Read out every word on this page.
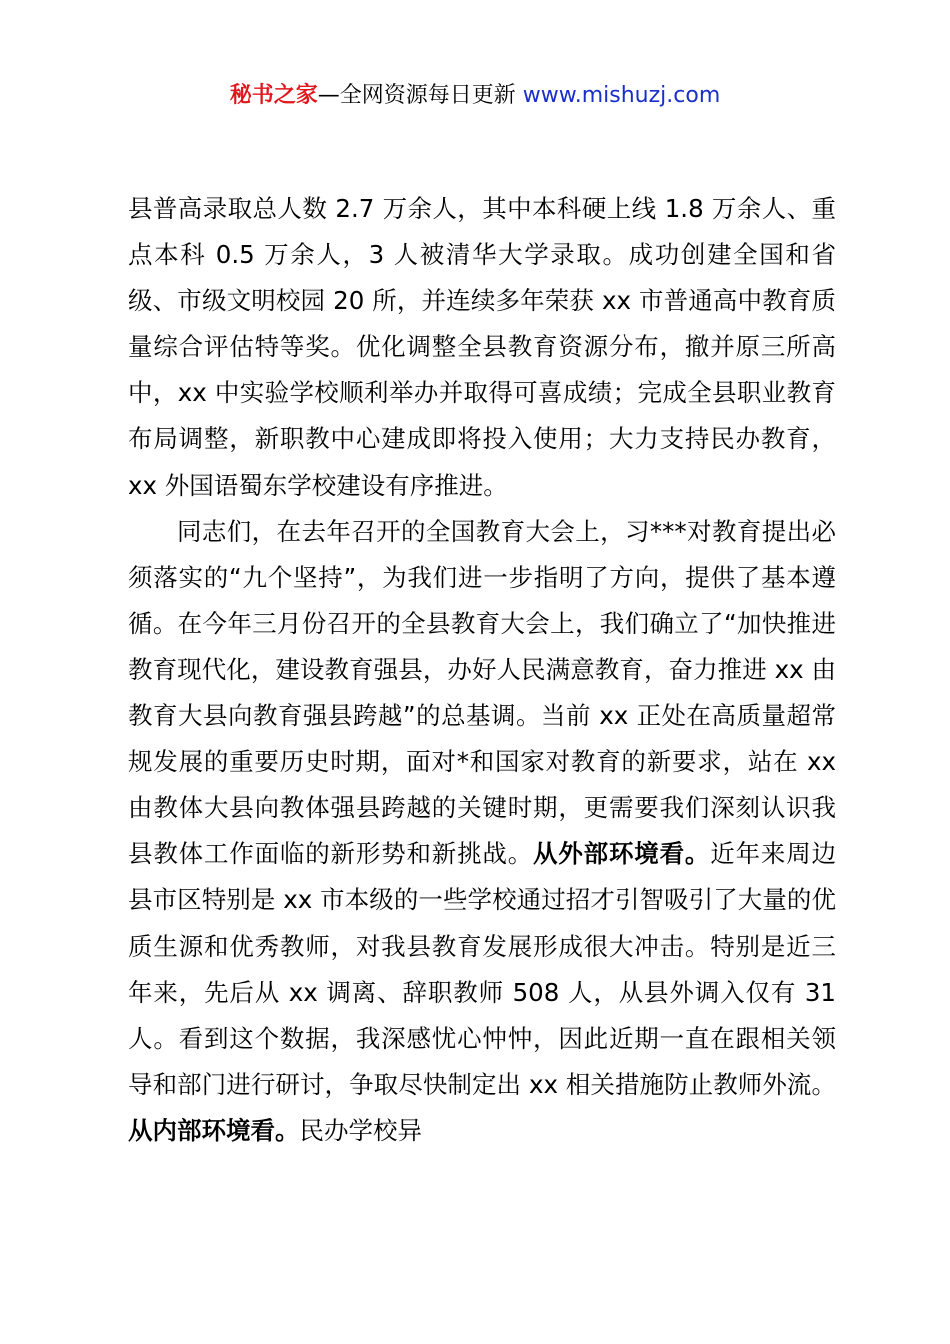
秘书之家—全网资源每日更新 www.mishuzj.com

县普高录取总人数 2.7 万余人，其中本科硬上线 1.8 万余人、重点本科 0.5 万余人，3 人被清华大学录取。成功创建全国和省级、市级文明校园 20 所，并连续多年荣获 xx 市普通高中教育质量综合评估特等奖。优化调整全县教育资源分布，撤并原三所高中，xx 中实验学校顺利举办并取得可喜成绩；完成全县职业教育布局调整，新职教中心建成即将投入使用；大力支持民办教育，xx 外国语蜀东学校建设有序推进。

同志们，在去年召开的全国教育大会上，习***对教育提出必须落实的“九个坚持”，为我们进一步指明了方向，提供了基本遵循。在今年三月份召开的全县教育大会上，我们确立了“加快推进教育现代化，建设教育强县，办好人民满意教育，奋力推进 xx 由教育大县向教育强县跨越”的总基调。当前 xx 正处在高质量超常规发展的重要历史时期，面对*和国家对教育的新要求，站在 xx 由教体大县向教体强县跨越的关键时期，更需要我们深刻认识我县教体工作面临的新形势和新挑战。从外部环境看。近年来周边县市区特别是 xx 市本级的一些学校通过招才引智吸引了大量的优质生源和优秀教师，对我县教育发展形成很大冲击。特别是近三年来，先后从 xx 调离、辞职教师 508 人，从县外调入仅有 31 人。看到这个数据，我深感忧心忡忡，因此近期一直在跟相关领导和部门进行研讨，争取尽快制定出 xx 相关措施防止教师外流。从内部环境看。民办学校异
